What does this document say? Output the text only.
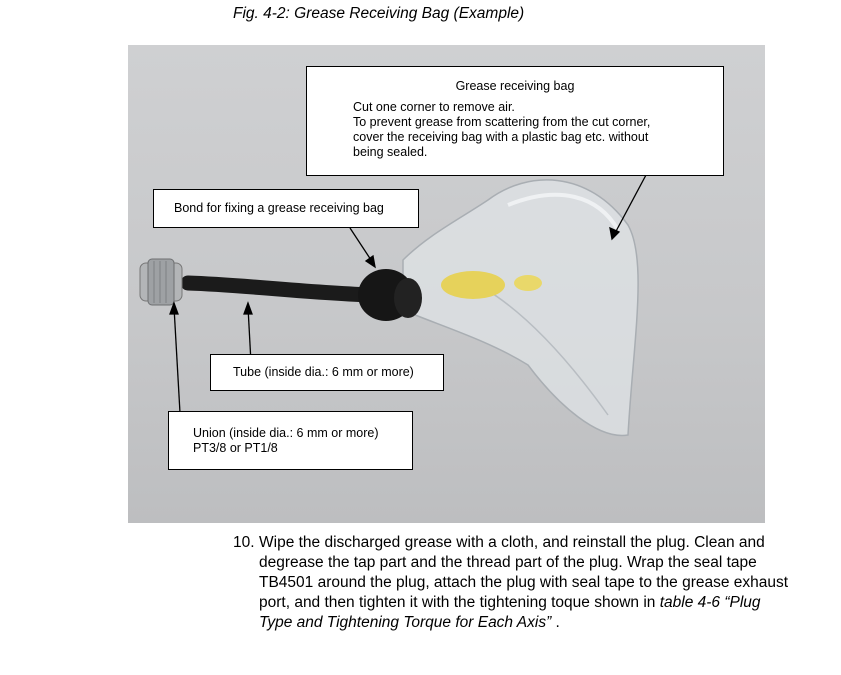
Fig. 4-2: Grease Receiving Bag (Example)
Grease receiving bag
Cut one corner to remove air.
To prevent grease from scattering from the cut corner,
cover the receiving bag with a plastic bag etc. without
being sealed.
Bond for fixing a grease receiving bag
Tube (inside dia.: 6 mm or more)
Union (inside dia.: 6 mm or more)
PT3/8 or PT1/8
10. Wipe the discharged grease with a cloth, and reinstall the plug. Clean and degrease the tap part and the thread part of the plug. Wrap the seal tape TB4501 around the plug, attach the plug with seal tape to the grease exhaust port, and then tighten it with the tightening toque shown in table 4-6 “Plug Type and Tightening Torque for Each Axis” .
